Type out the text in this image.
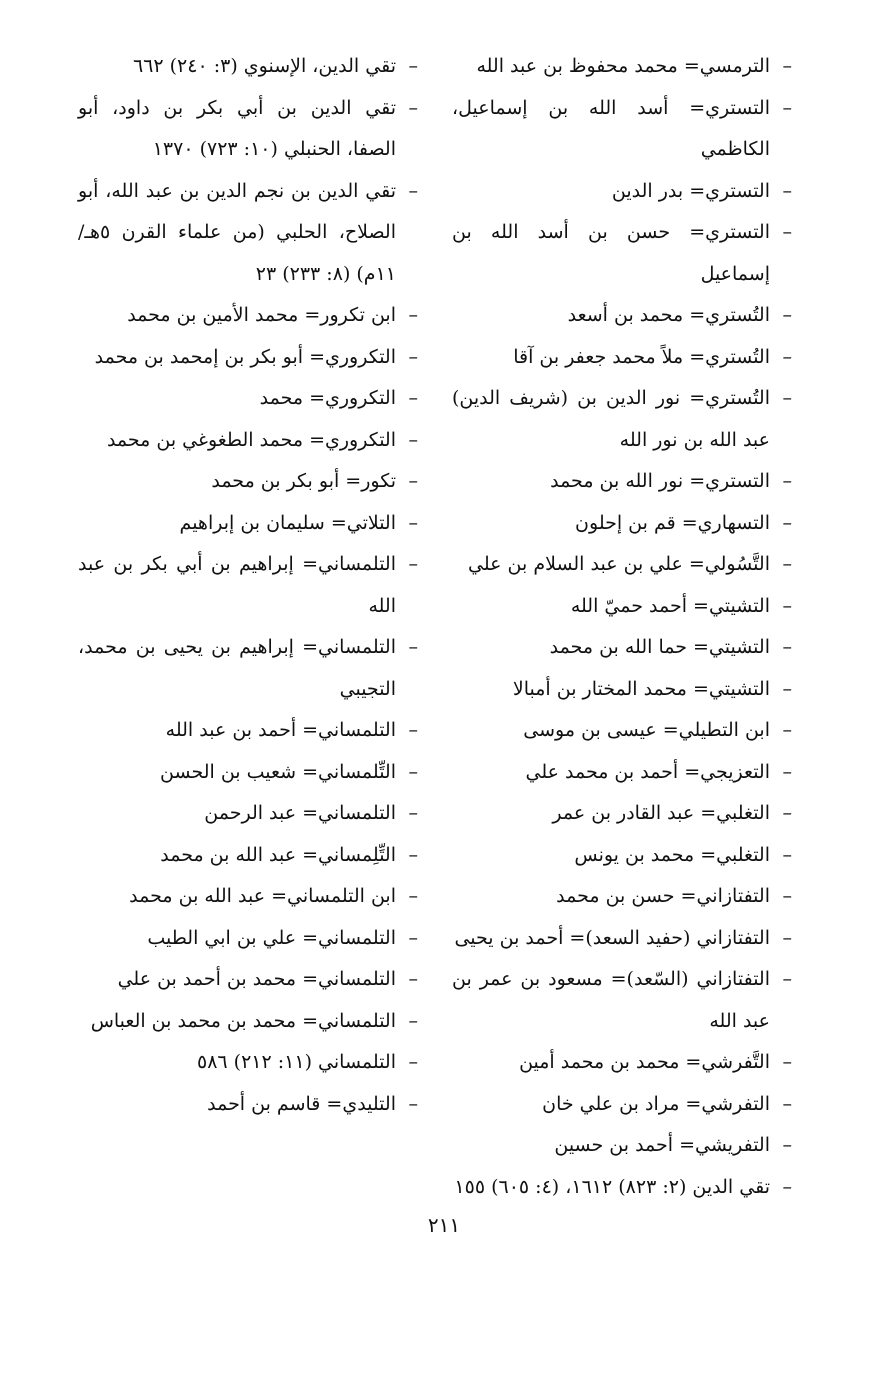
– الترمسي= محمد محفوظ بن عبد الله
– التستري= أسد الله بن إسماعيل، الكاظمي
– التستري= بدر الدين
– التستري= حسن بن أسد الله بن إسماعيل
– التُستري= محمد بن أسعد
– التُستري= ملاً محمد جعفر بن آقا
– التُستري= نور الدين بن (شريف الدين) عبد الله بن نور الله
– التستري= نور الله بن محمد
– التسهاري= قم بن إحلون
– التَّسُولي= علي بن عبد السلام بن علي
– التشيتي= أحمد حميّ الله
– التشيتي= حما الله بن محمد
– التشيتي= محمد المختار بن أمبالا
– ابن التطيلي= عيسى بن موسى
– التعزيجي= أحمد بن محمد علي
– التغلبي= عبد القادر بن عمر
– التغلبي= محمد بن يونس
– التفتازاني= حسن بن محمد
– التفتازاني (حفيد السعد)= أحمد بن يحيى
– التفتازاني (السّعد)= مسعود بن عمر بن عبد الله
– التَّفرشي= محمد بن محمد أمين
– التفرشي= مراد بن علي خان
– التفريشي= أحمد بن حسين
– تقي الدين (٢: ٨٢٣) ١٦١٢، (٤: ٦٠٥) ١٥٥
– تقي الدين، الإسنوي (٣: ٢٤٠) ٦٦٢
– تقي الدين بن أبي بكر بن داود، أبو الصفا، الحنبلي (١٠: ٧٢٣) ١٣٧٠
– تقي الدين بن نجم الدين بن عبد الله، أبو الصلاح، الحلبي (من علماء القرن ٥هـ/١١م) (٨: ٢٣٣) ٢٣
– ابن تكرور= محمد الأمين بن محمد
– التكروري= أبو بكر بن إمحمد بن محمد
– التكروري= محمد
– التكروري= محمد الطغوغي بن محمد
– تكور= أبو بكر بن محمد
– التلاتي= سليمان بن إبراهيم
– التلمساني= إبراهيم بن أبي بكر بن عبد الله
– التلمساني= إبراهيم بن يحيى بن محمد، التجيبي
– التلمساني= أحمد بن عبد الله
– التِّلمساني= شعيب بن الحسن
– التلمساني= عبد الرحمن
– التِّلِمساني= عبد الله بن محمد
– ابن التلمساني= عبد الله بن محمد
– التلمساني= علي بن ابي الطيب
– التلمساني= محمد بن أحمد بن علي
– التلمساني= محمد بن محمد بن العباس
– التلمساني (١١: ٢١٢) ٥٨٦
– التليدي= قاسم بن أحمد
٢١١
